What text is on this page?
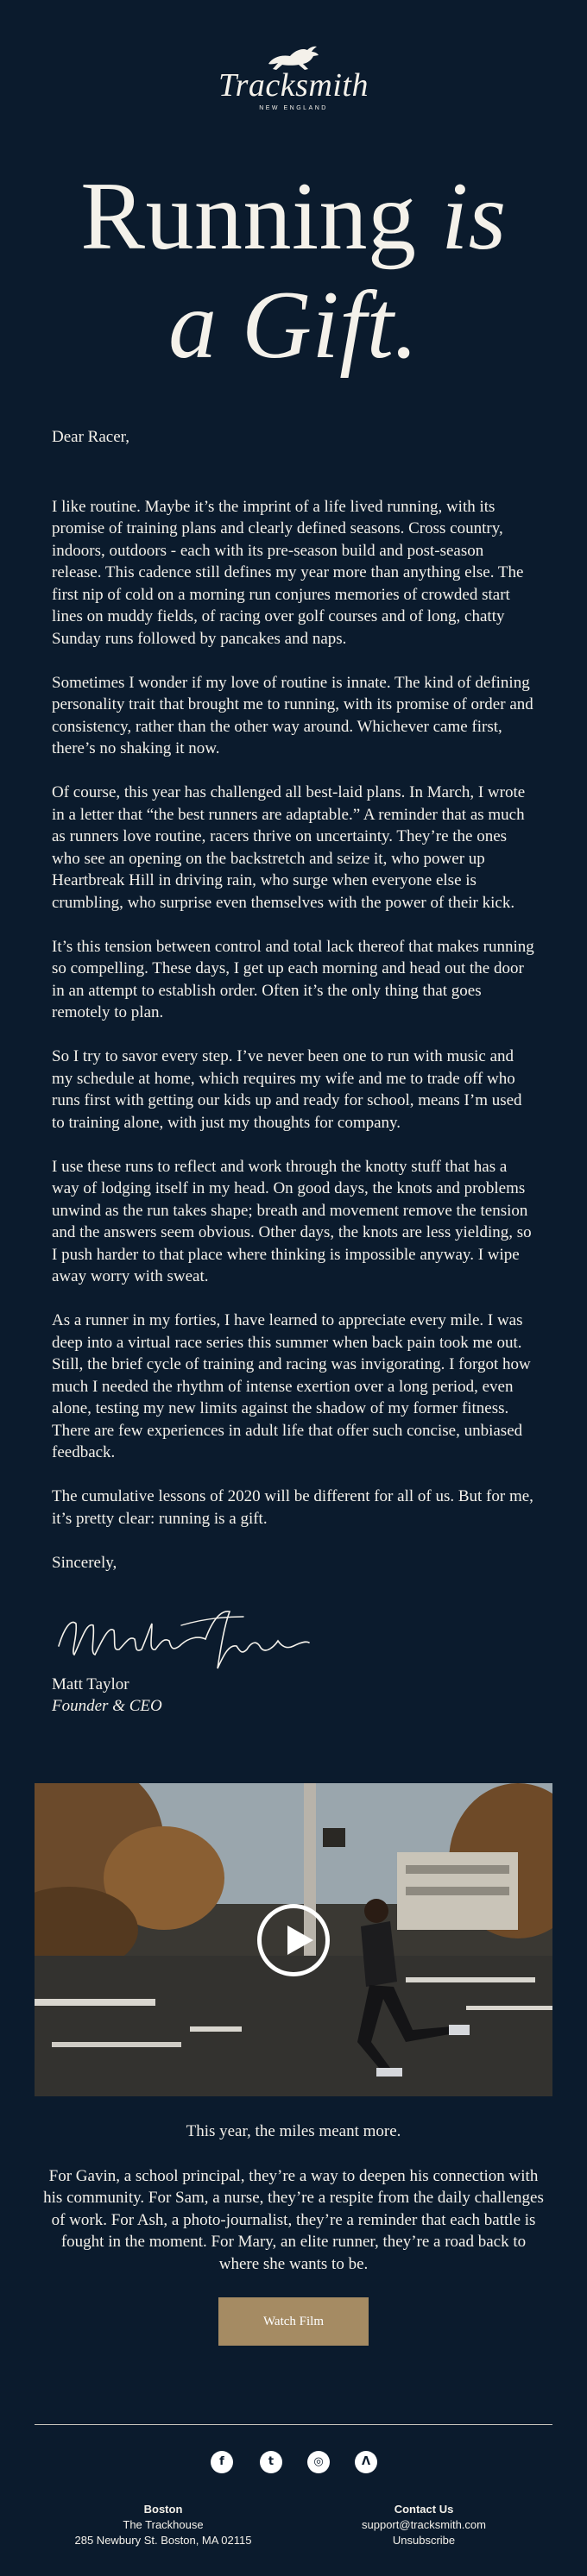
Tracksmith
NEW ENGLAND
Running is
a Gift.

Dear Racer,

I like routine. Maybe it’s the imprint of a life lived running, with its promise of training plans and clearly defined seasons. Cross country, indoors, outdoors - each with its pre-season build and post-season release. This cadence still defines my year more than anything else. The first nip of cold on a morning run conjures memories of crowded start lines on muddy fields, of racing over golf courses and of long, chatty Sunday runs followed by pancakes and naps.

Sometimes I wonder if my love of routine is innate. The kind of defining personality trait that brought me to running, with its promise of order and consistency, rather than the other way around. Whichever came first, there’s no shaking it now.

Of course, this year has challenged all best-laid plans. In March, I wrote in a letter that “the best runners are adaptable.” A reminder that as much as runners love routine, racers thrive on uncertainty. They’re the ones who see an opening on the backstretch and seize it, who power up Heartbreak Hill in driving rain, who surge when everyone else is crumbling, who surprise even themselves with the power of their kick.

It’s this tension between control and total lack thereof that makes running so compelling. These days, I get up each morning and head out the door in an attempt to establish order. Often it’s the only thing that goes remotely to plan.

So I try to savor every step. I’ve never been one to run with music and my schedule at home, which requires my wife and me to trade off who runs first with getting our kids up and ready for school, means I’m used to training alone, with just my thoughts for company.

I use these runs to reflect and work through the knotty stuff that has a way of lodging itself in my head. On good days, the knots and problems unwind as the run takes shape; breath and movement remove the tension and the answers seem obvious. Other days, the knots are less yielding, so I push harder to that place where thinking is impossible anyway. I wipe away worry with sweat.

As a runner in my forties, I have learned to appreciate every mile. I was deep into a virtual race series this summer when back pain took me out. Still, the brief cycle of training and racing was invigorating. I forgot how much I needed the rhythm of intense exertion over a long period, even alone, testing my new limits against the shadow of my former fitness. There are few experiences in adult life that offer such concise, unbiased feedback.

The cumulative lessons of 2020 will be different for all of us. But for me, it’s pretty clear: running is a gift.

Sincerely,

Matt Taylor
Founder & CEO

This year, the miles meant more.

For Gavin, a school principal, they’re a way to deepen his connection with his community. For Sam, a nurse, they’re a respite from the daily challenges of work. For Ash, a photo-journalist, they’re a reminder that each battle is fought in the moment. For Mary, an elite runner, they’re a road back to where she wants to be.

Watch Film
f	t	◎	Λ
Boston
The Trackhouse
285 Newbury St. Boston, MA 02115
Contact Us
support@tracksmith.com
Unsubscribe
